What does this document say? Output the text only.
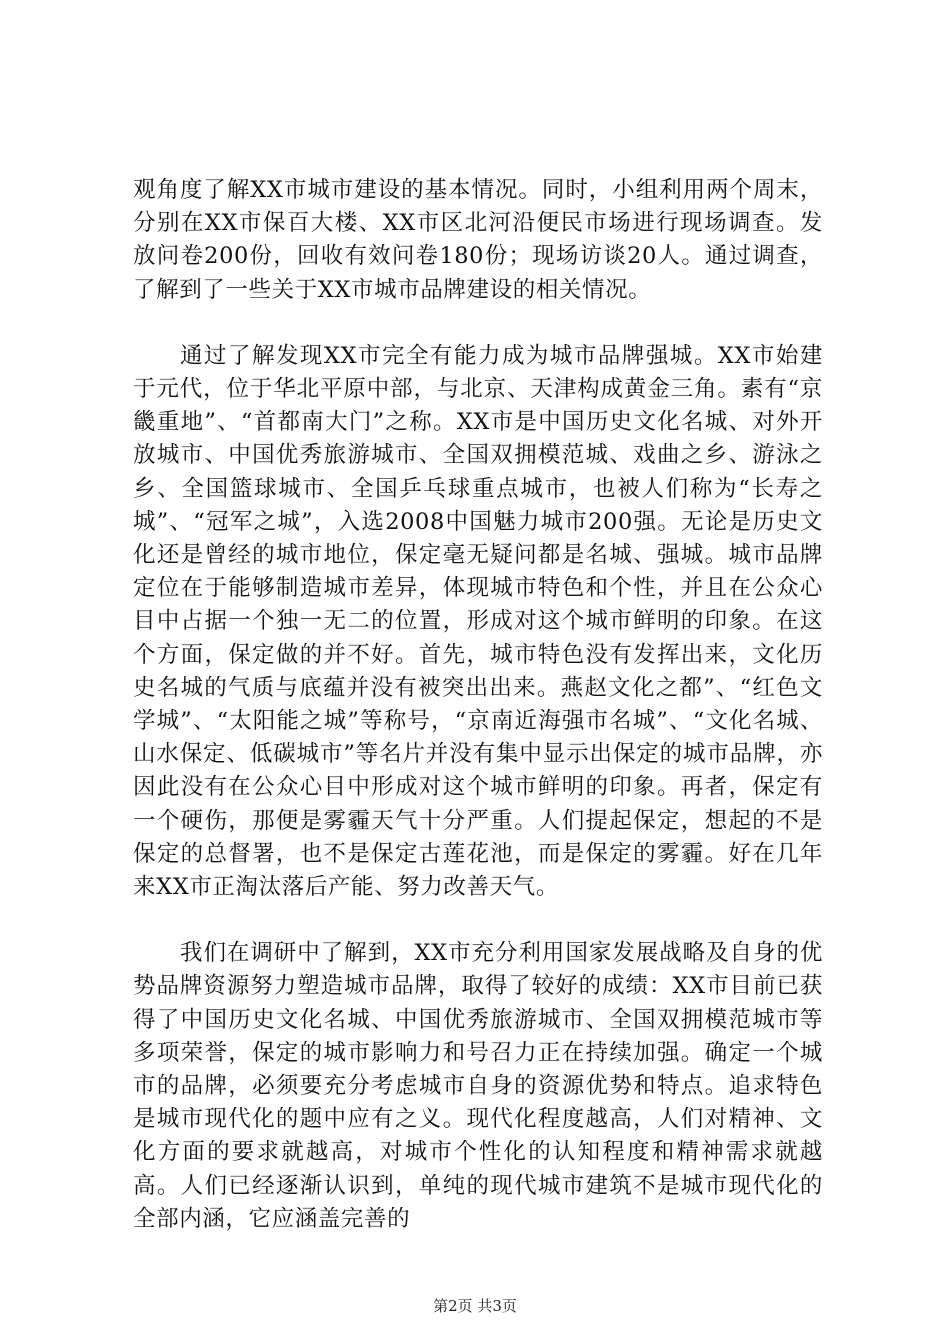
观角度了解XX市城市建设的基本情况。同时，小组利用两个周末，分别在XX市保百大楼、XX市区北河沿便民市场进行现场调查。发放问卷200份，回收有效问卷180份；现场访谈20人。通过调查，了解到了一些关于XX市城市品牌建设的相关情况。

通过了解发现XX市完全有能力成为城市品牌强城。XX市始建于元代，位于华北平原中部，与北京、天津构成黄金三角。素有“京畿重地”、“首都南大门”之称。XX市是中国历史文化名城、对外开放城市、中国优秀旅游城市、全国双拥模范城、戏曲之乡、游泳之乡、全国篮球城市、全国乒乓球重点城市，也被人们称为“长寿之城”、“冠军之城”，入选2008中国魅力城市200强。无论是历史文化还是曾经的城市地位，保定毫无疑问都是名城、强城。城市品牌定位在于能够制造城市差异，体现城市特色和个性，并且在公众心目中占据一个独一无二的位置，形成对这个城市鲜明的印象。在这个方面，保定做的并不好。首先，城市特色没有发挥出来，文化历史名城的气质与底蕴并没有被突出出来。燕赵文化之都”、“红色文学城”、“太阳能之城”等称号，“京南近海强市名城”、“文化名城、山水保定、低碳城市”等名片并没有集中显示出保定的城市品牌，亦因此没有在公众心目中形成对这个城市鲜明的印象。再者，保定有一个硬伤，那便是雾霾天气十分严重。人们提起保定，想起的不是保定的总督署，也不是保定古莲花池，而是保定的雾霾。好在几年来XX市正淘汰落后产能、努力改善天气。

我们在调研中了解到，XX市充分利用国家发展战略及自身的优势品牌资源努力塑造城市品牌，取得了较好的成绩：XX市目前已获得了中国历史文化名城、中国优秀旅游城市、全国双拥模范城市等多项荣誉，保定的城市影响力和号召力正在持续加强。确定一个城市的品牌，必须要充分考虑城市自身的资源优势和特点。追求特色是城市现代化的题中应有之义。现代化程度越高，人们对精神、文化方面的要求就越高，对城市个性化的认知程度和精神需求就越高。人们已经逐渐认识到，单纯的现代城市建筑不是城市现代化的全部内涵，它应涵盖完善的

第2页 共3页
